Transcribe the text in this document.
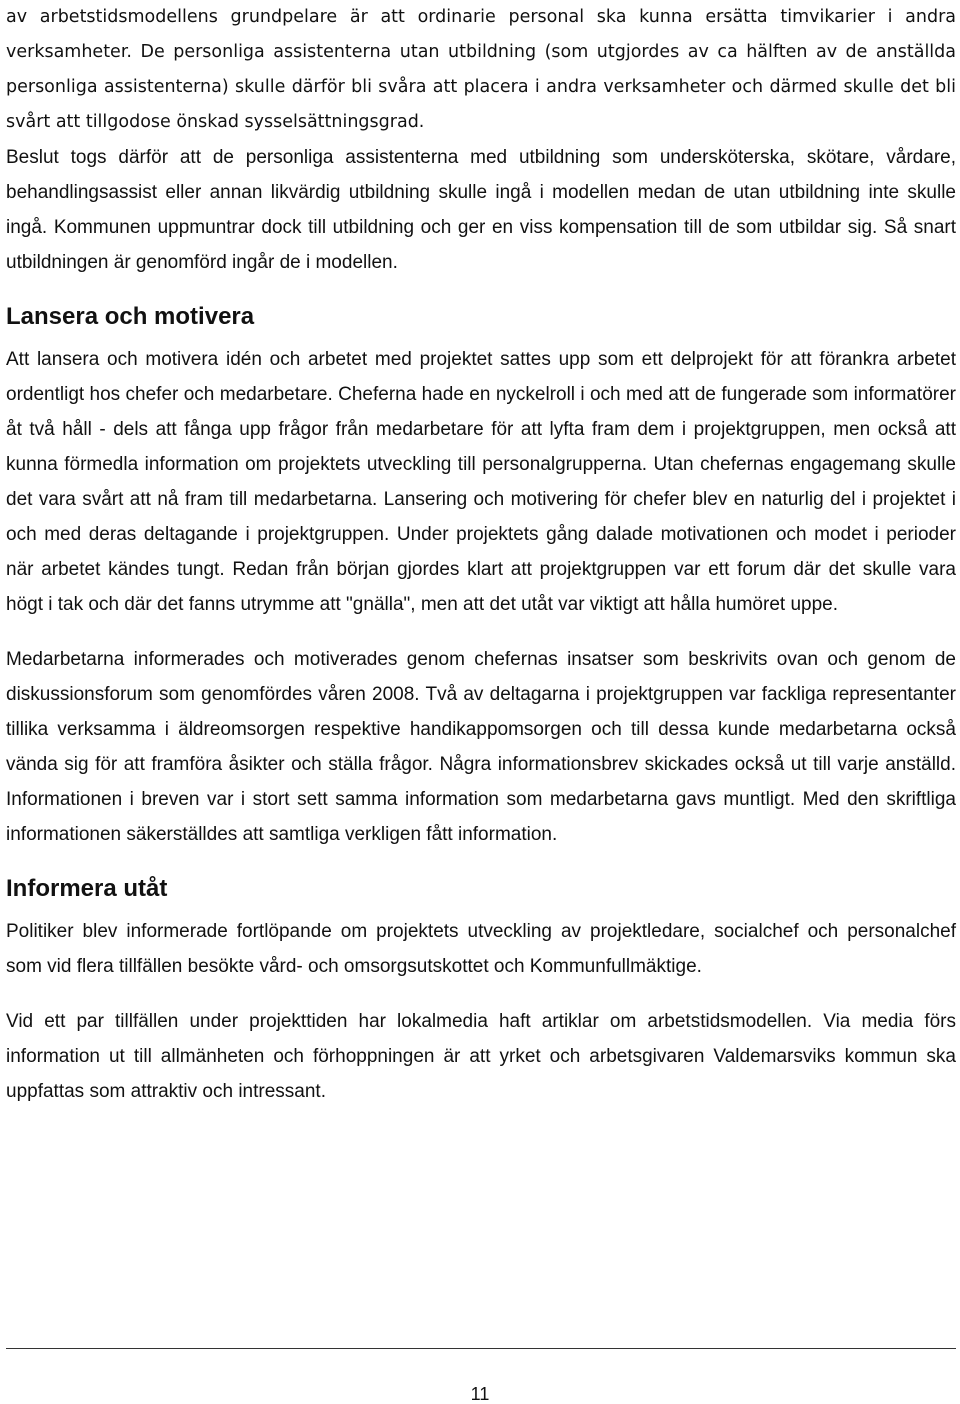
av arbetstidsmodellens grundpelare är att ordinarie personal ska kunna ersätta timvikarier i andra verksamheter. De personliga assistenterna utan utbildning (som utgjordes av ca hälften av de anställda personliga assistenterna) skulle därför bli svåra att placera i andra verksamheter och därmed skulle det bli svårt att tillgodose önskad sysselsättningsgrad.

Beslut togs därför att de personliga assistenterna med utbildning som undersköterska, skötare, vårdare, behandlingsassist eller annan likvärdig utbildning skulle ingå i modellen medan de utan utbildning inte skulle ingå. Kommunen uppmuntrar dock till utbildning och ger en viss kompensation till de som utbildar sig. Så snart utbildningen är genomförd ingår de i modellen.

Lansera och motivera

Att lansera och motivera idén och arbetet med projektet sattes upp som ett delprojekt för att förankra arbetet ordentligt hos chefer och medarbetare. Cheferna hade en nyckelroll i och med att de fungerade som informatörer åt två håll - dels att fånga upp frågor från medarbetare för att lyfta fram dem i projektgruppen, men också att kunna förmedla information om projektets utveckling till personalgrupperna. Utan chefernas engagemang skulle det vara svårt att nå fram till medarbetarna. Lansering och motivering för chefer blev en naturlig del i projektet i och med deras deltagande i projektgruppen. Under projektets gång dalade motivationen och modet i perioder när arbetet kändes tungt. Redan från början gjordes klart att projektgruppen var ett forum där det skulle vara högt i tak och där det fanns utrymme att "gnälla", men att det utåt var viktigt att hålla humöret uppe.

Medarbetarna informerades och motiverades genom chefernas insatser som beskrivits ovan och genom de diskussionsforum som genomfördes våren 2008. Två av deltagarna i projektgruppen var fackliga representanter tillika verksamma i äldreomsorgen respektive handikappomsorgen och till dessa kunde medarbetarna också vända sig för att framföra åsikter och ställa frågor. Några informationsbrev skickades också ut till varje anställd. Informationen i breven var i stort sett samma information som medarbetarna gavs muntligt. Med den skriftliga informationen säkerställdes att samtliga verkligen fått information.

Informera utåt

Politiker blev informerade fortlöpande om projektets utveckling av projektledare, socialchef och personalchef som vid flera tillfällen besökte vård- och omsorgsutskottet och Kommunfullmäktige.

Vid ett par tillfällen under projekttiden har lokalmedia haft artiklar om arbetstidsmodellen. Via media förs information ut till allmänheten och förhoppningen är att yrket och arbetsgivaren Valdemarsviks kommun ska uppfattas som attraktiv och intressant.

11
